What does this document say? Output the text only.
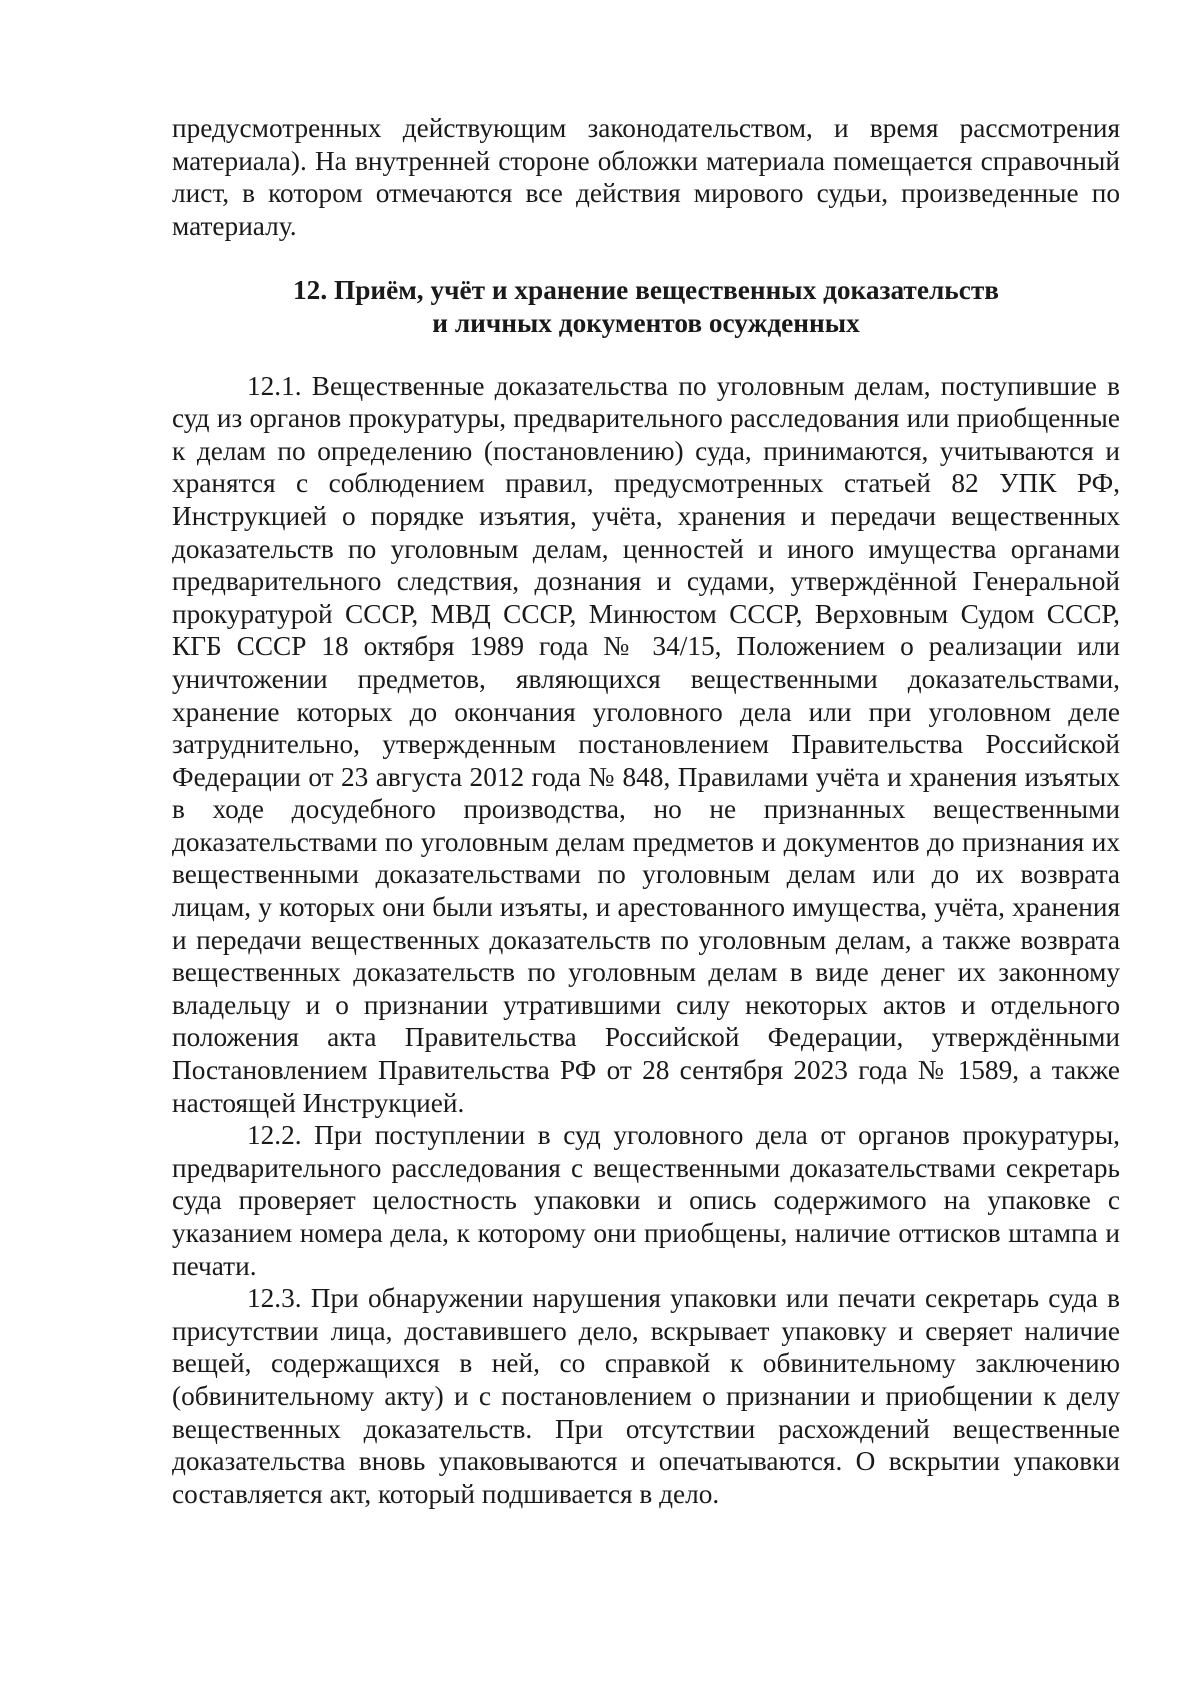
предусмотренных действующим законодательством, и время рассмотрения материала). На внутренней стороне обложки материала помещается справочный лист, в котором отмечаются все действия мирового судьи, произведенные по материалу.

12. Приём, учёт и хранение вещественных доказательств
и личных документов осужденных

12.1. Вещественные доказательства по уголовным делам, поступившие в суд из органов прокуратуры, предварительного расследования или приобщенные к делам по определению (постановлению) суда, принимаются, учитываются и хранятся с соблюдением правил, предусмотренных статьей 82 УПК РФ, Инструкцией о порядке изъятия, учёта, хранения и передачи вещественных доказательств по уголовным делам, ценностей и иного имущества органами предварительного следствия, дознания и судами, утверждённой Генеральной прокуратурой СССР, МВД СССР, Минюстом СССР, Верховным Судом СССР, КГБ СССР 18 октября 1989 года № 34/15, Положением о реализации или уничтожении предметов, являющихся вещественными доказательствами, хранение которых до окончания уголовного дела или при уголовном деле затруднительно, утвержденным постановлением Правительства Российской Федерации от 23 августа 2012 года № 848, Правилами учёта и хранения изъятых в ходе досудебного производства, но не признанных вещественными доказательствами по уголовным делам предметов и документов до признания их вещественными доказательствами по уголовным делам или до их возврата лицам, у которых они были изъяты, и арестованного имущества, учёта, хранения и передачи вещественных доказательств по уголовным делам, а также возврата вещественных доказательств по уголовным делам в виде денег их законному владельцу и о признании утратившими силу некоторых актов и отдельного положения акта Правительства Российской Федерации, утверждёнными Постановлением Правительства РФ от 28 сентября 2023 года № 1589, а также настоящей Инструкцией.

12.2. При поступлении в суд уголовного дела от органов прокуратуры, предварительного расследования с вещественными доказательствами секретарь суда проверяет целостность упаковки и опись содержимого на упаковке с указанием номера дела, к которому они приобщены, наличие оттисков штампа и печати.

12.3. При обнаружении нарушения упаковки или печати секретарь суда в присутствии лица, доставившего дело, вскрывает упаковку и сверяет наличие вещей, содержащихся в ней, со справкой к обвинительному заключению (обвинительному акту) и с постановлением о признании и приобщении к делу вещественных доказательств. При отсутствии расхождений вещественные доказательства вновь упаковываются и опечатываются. О вскрытии упаковки составляется акт, который подшивается в дело.
